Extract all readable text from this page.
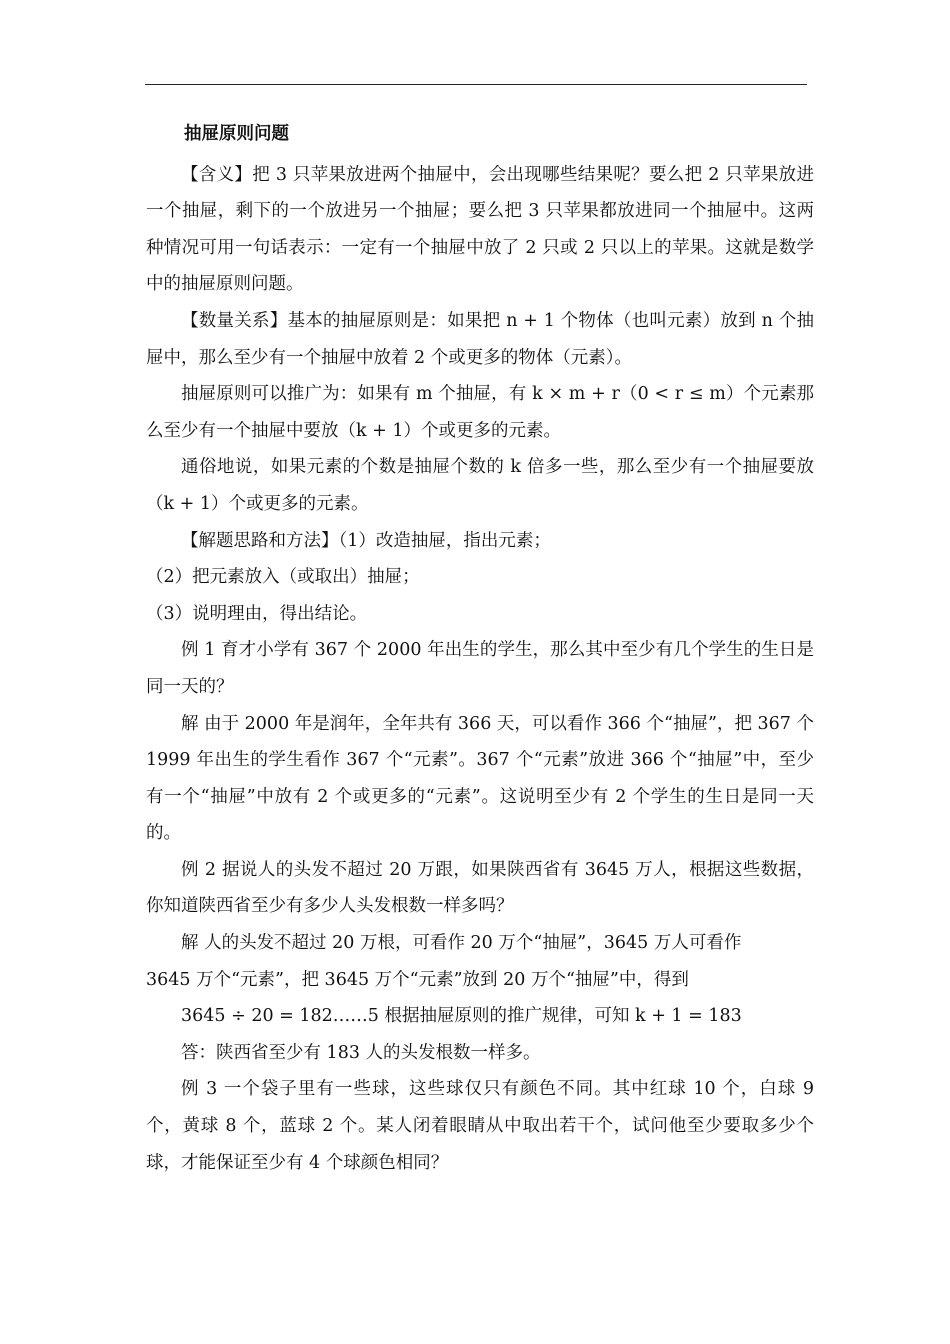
抽屉原则问题

【含义】把 3 只苹果放进两个抽屉中，会出现哪些结果呢？要么把 2 只苹果放进一个抽屉，剩下的一个放进另一个抽屉；要么把 3 只苹果都放进同一个抽屉中。这两种情况可用一句话表示：一定有一个抽屉中放了 2 只或 2 只以上的苹果。这就是数学中的抽屉原则问题。

【数量关系】基本的抽屉原则是：如果把 n + 1 个物体（也叫元素）放到 n 个抽屉中，那么至少有一个抽屉中放着 2 个或更多的物体（元素）。

抽屉原则可以推广为：如果有 m 个抽屉，有 k × m + r（0 < r ≤ m）个元素那么至少有一个抽屉中要放（k + 1）个或更多的元素。

通俗地说，如果元素的个数是抽屉个数的 k 倍多一些，那么至少有一个抽屉要放（k + 1）个或更多的元素。

【解题思路和方法】（1）改造抽屉，指出元素；

（2）把元素放入（或取出）抽屉；

（3）说明理由，得出结论。

例 1 育才小学有 367 个 2000 年出生的学生，那么其中至少有几个学生的生日是同一天的？

解 由于 2000 年是润年，全年共有 366 天，可以看作 366 个“抽屉”，把 367 个 1999 年出生的学生看作 367 个“元素”。367 个“元素”放进 366 个“抽屉”中，至少有一个“抽屉”中放有 2 个或更多的“元素”。这说明至少有 2 个学生的生日是同一天的。

例 2 据说人的头发不超过 20 万跟，如果陕西省有 3645 万人，根据这些数据，你知道陕西省至少有多少人头发根数一样多吗？

解 人的头发不超过 20 万根，可看作 20 万个“抽屉”，3645 万人可看作

3645 万个“元素”，把 3645 万个“元素”放到 20 万个“抽屉”中，得到

3645 ÷ 20 = 182……5 根据抽屉原则的推广规律，可知 k + 1 = 183

答：陕西省至少有 183 人的头发根数一样多。

例 3 一个袋子里有一些球，这些球仅只有颜色不同。其中红球 10 个，白球 9 个，黄球 8 个，蓝球 2 个。某人闭着眼睛从中取出若干个，试问他至少要取多少个球，才能保证至少有 4 个球颜色相同？
